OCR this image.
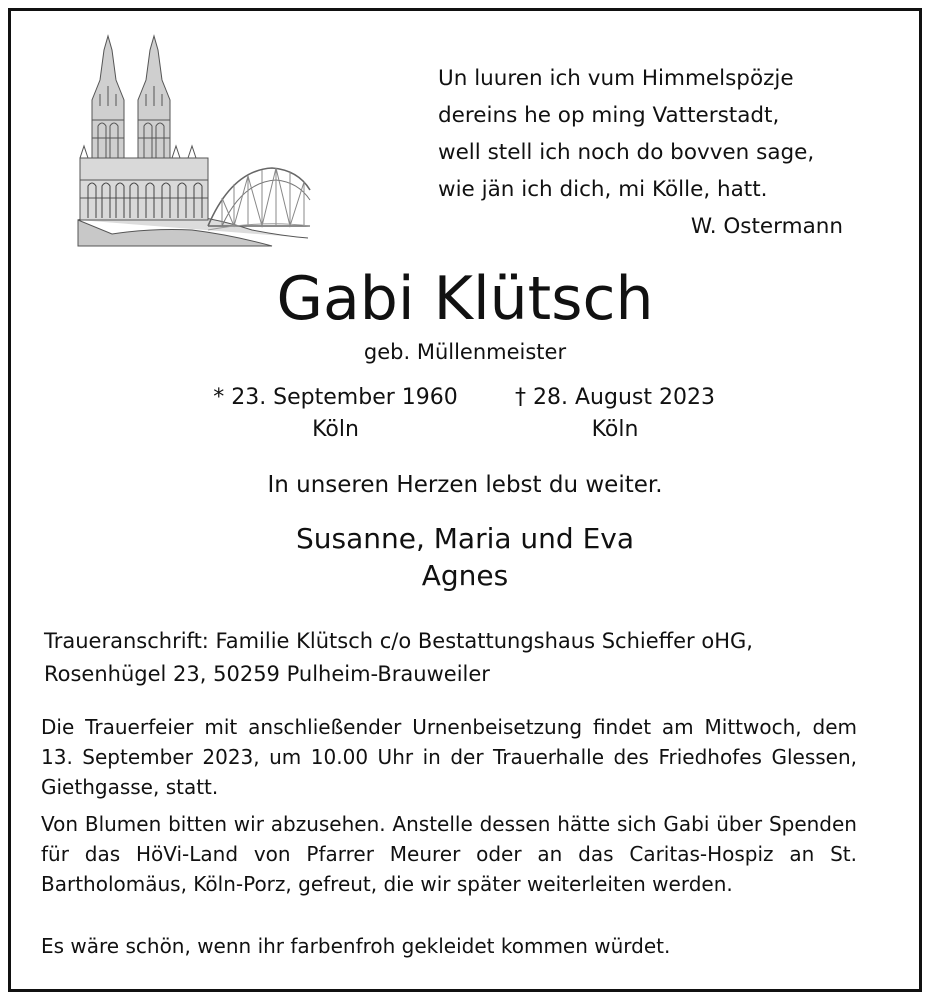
Un luuren ich vum Himmelspözje
dereins he op ming Vatterstadt,
well stell ich noch do bovven sage,
wie jän ich dich, mi Kölle, hatt.
W. Ostermann
Gabi Klütsch
geb. Müllenmeister
* 23. September 1960
Köln
† 28. August 2023
Köln
In unseren Herzen lebst du weiter.
Susanne, Maria und Eva
Agnes
Traueranschrift: Familie Klütsch c/o Bestattungshaus Schieffer oHG,
Rosenhügel 23, 50259 Pulheim-Brauweiler
Die Trauerfeier mit anschließender Urnenbeisetzung findet am Mittwoch, dem 13. September 2023, um 10.00 Uhr in der Trauerhalle des Friedhofes Glessen, Giethgasse, statt.
Von Blumen bitten wir abzusehen. Anstelle dessen hätte sich Gabi über Spenden für das HöVi-Land von Pfarrer Meurer oder an das Caritas-Hospiz an St. Bartholomäus, Köln-Porz, gefreut, die wir später weiterleiten werden.
Es wäre schön, wenn ihr farbenfroh gekleidet kommen würdet.
